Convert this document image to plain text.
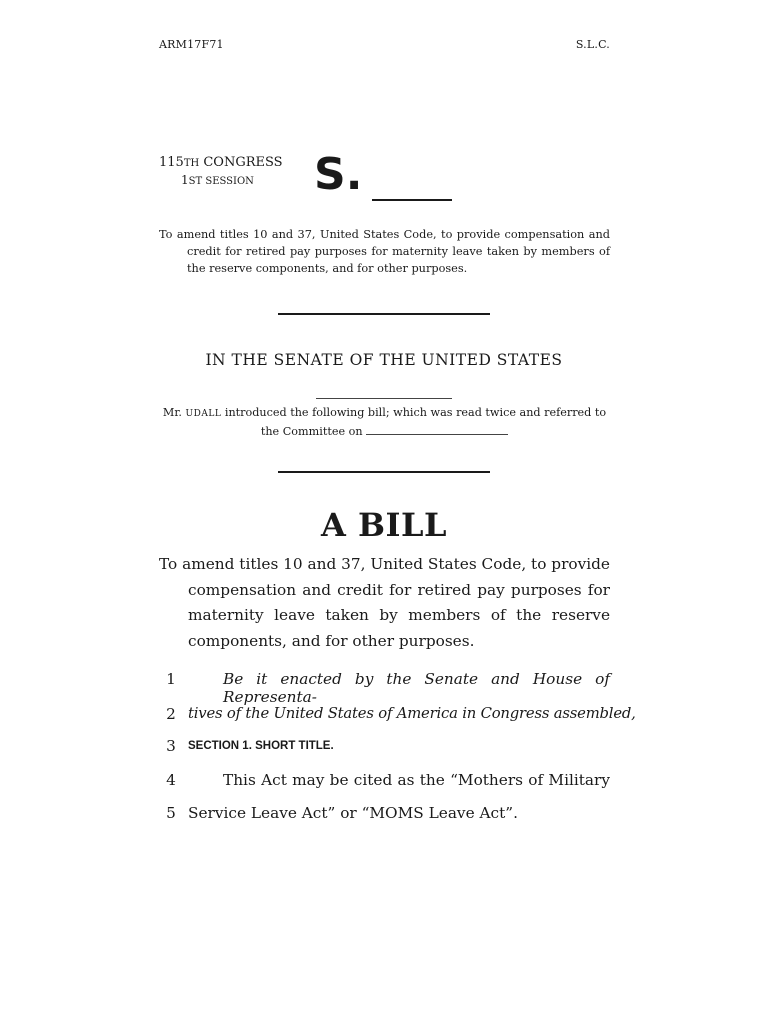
ARM17F71	S.L.C.
115TH CONGRESS
1ST SESSION	S.
To amend titles 10 and 37, United States Code, to provide compensation and credit for retired pay purposes for maternity leave taken by members of the reserve components, and for other purposes.
IN THE SENATE OF THE UNITED STATES
Mr. UDALL introduced the following bill; which was read twice and referred to the Committee on
A BILL
To amend titles 10 and 37, United States Code, to provide compensation and credit for retired pay purposes for maternity leave taken by members of the reserve components, and for other purposes.
1	Be it enacted by the Senate and House of Representa-
2 tives of the United States of America in Congress assembled,
3	SECTION 1. SHORT TITLE.
4	This Act may be cited as the “Mothers of Military
5 Service Leave Act” or “MOMS Leave Act”.
